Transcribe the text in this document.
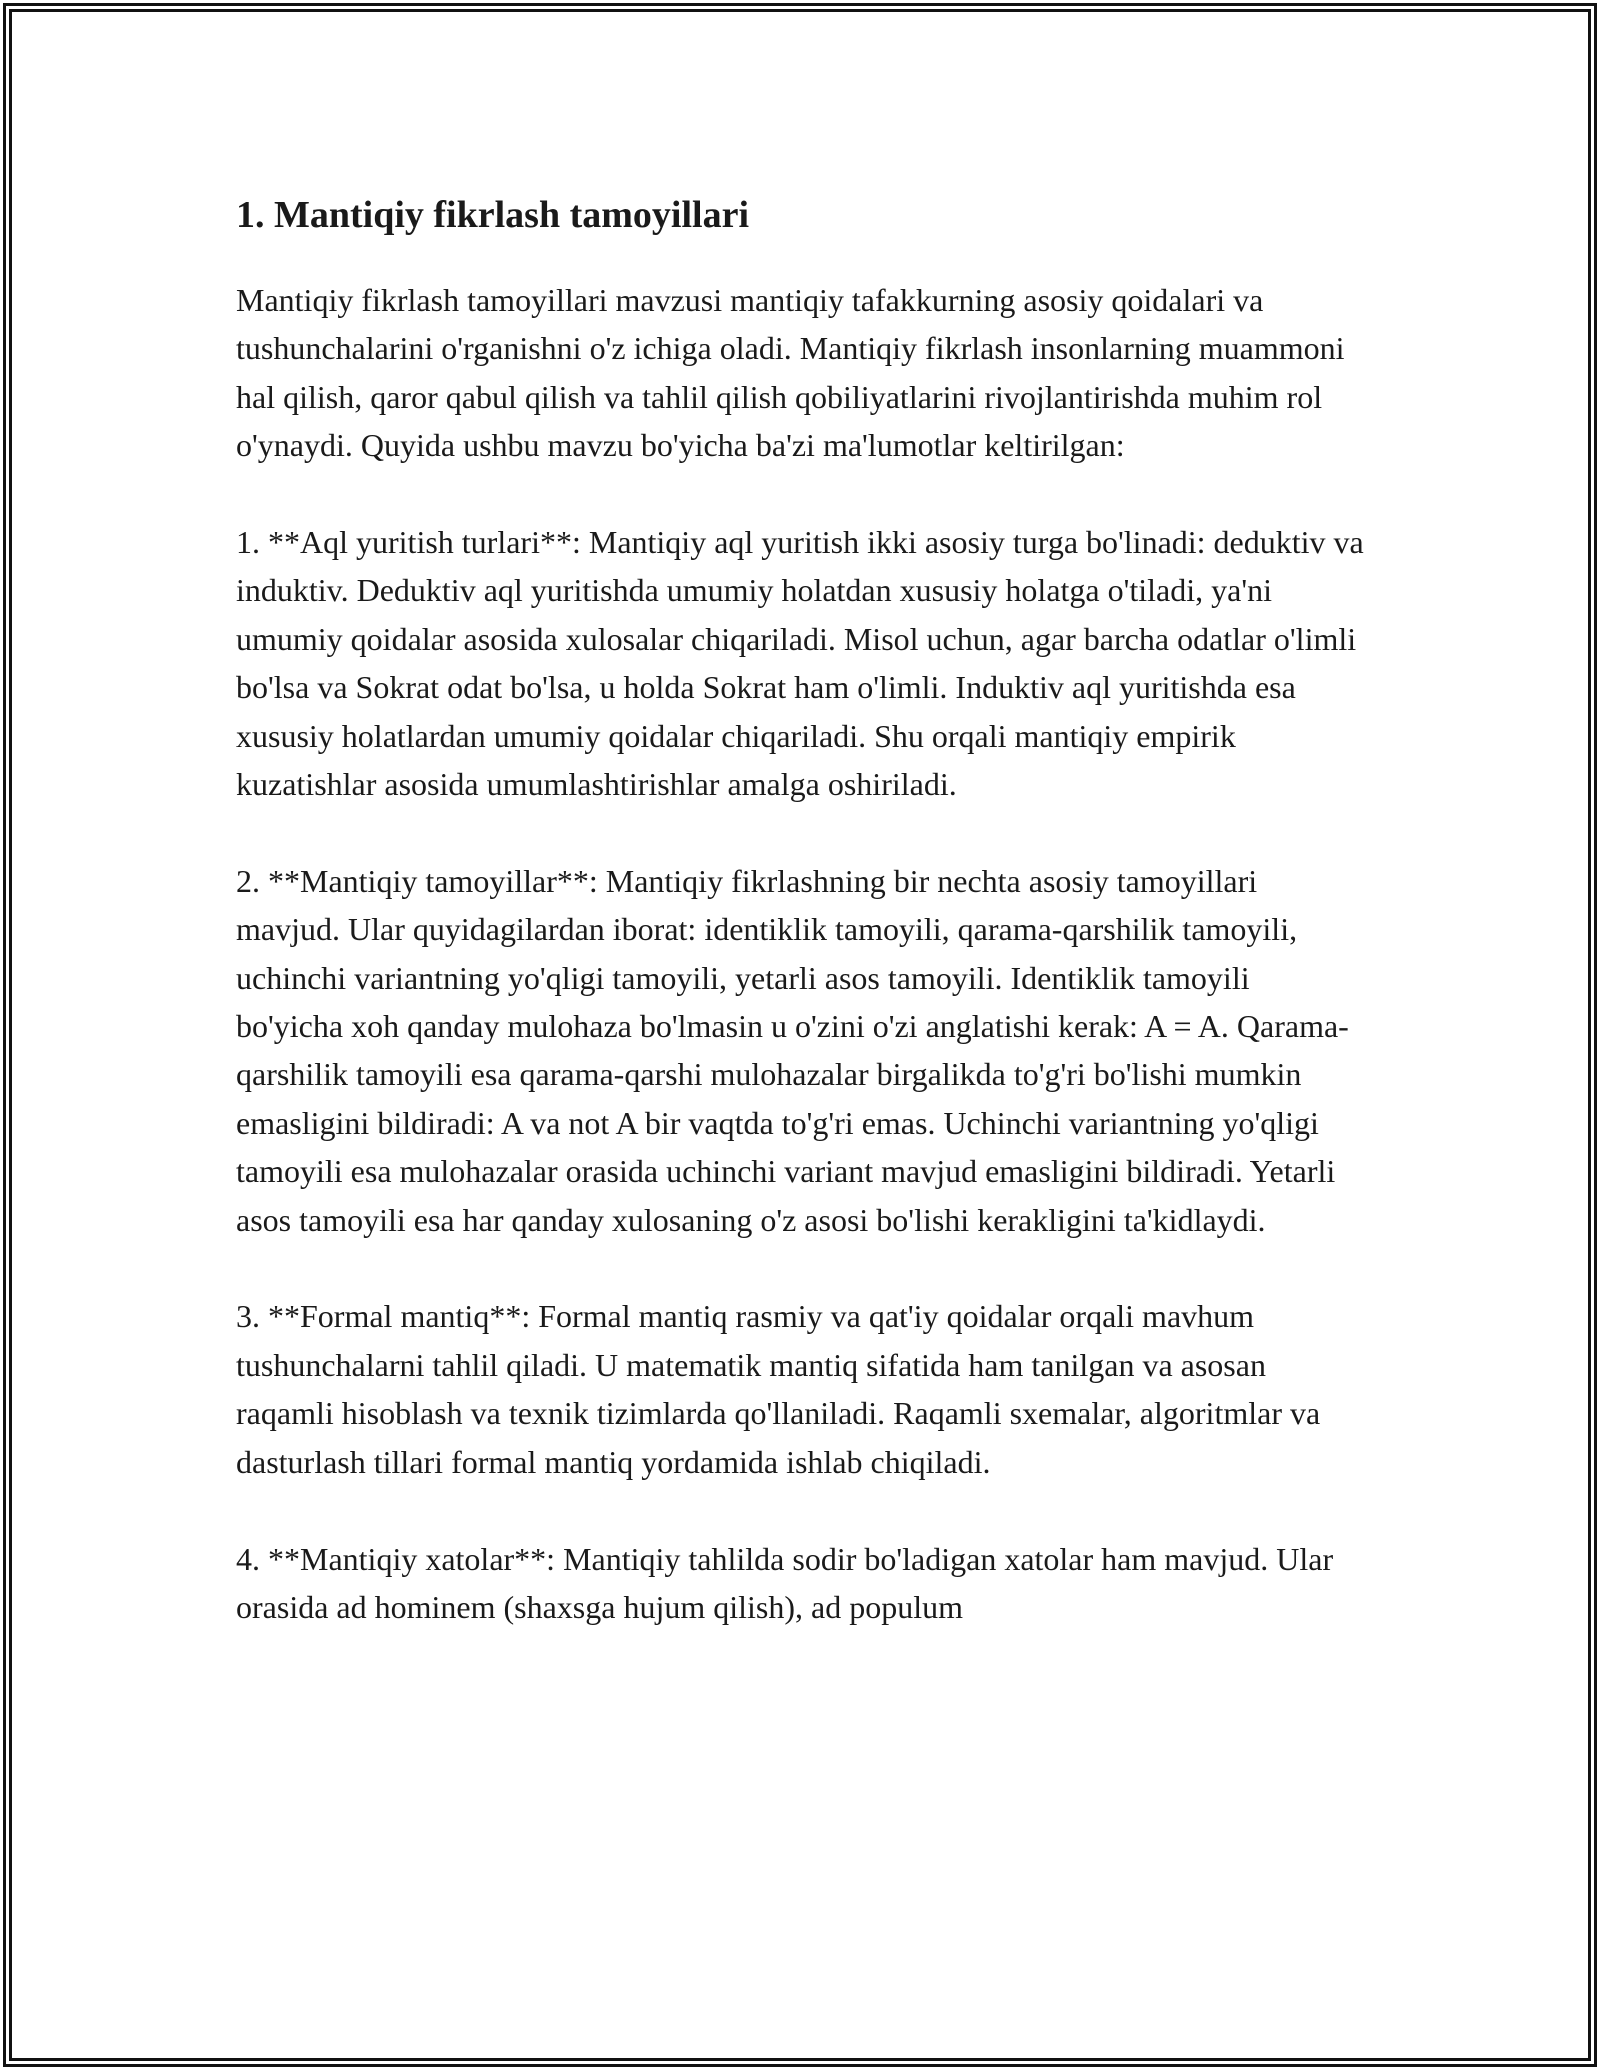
1. Mantiqiy fikrlash tamoyillari

Mantiqiy fikrlash tamoyillari mavzusi mantiqiy tafakkurning asosiy qoidalari va tushunchalarini o'rganishni o'z ichiga oladi. Mantiqiy fikrlash insonlarning muammoni hal qilish, qaror qabul qilish va tahlil qilish qobiliyatlarini rivojlantirishda muhim rol o'ynaydi. Quyida ushbu mavzu bo'yicha ba'zi ma'lumotlar keltirilgan:

1. **Aql yuritish turlari**: Mantiqiy aql yuritish ikki asosiy turga bo'linadi: deduktiv va induktiv. Deduktiv aql yuritishda umumiy holatdan xususiy holatga o'tiladi, ya'ni umumiy qoidalar asosida xulosalar chiqariladi. Misol uchun, agar barcha odatlar o'limli bo'lsa va Sokrat odat bo'lsa, u holda Sokrat ham o'limli. Induktiv aql yuritishda esa xususiy holatlardan umumiy qoidalar chiqariladi. Shu orqali mantiqiy empirik kuzatishlar asosida umumlashtirishlar amalga oshiriladi.

2. **Mantiqiy tamoyillar**: Mantiqiy fikrlashning bir nechta asosiy tamoyillari mavjud. Ular quyidagilardan iborat: identiklik tamoyili, qarama-qarshilik tamoyili, uchinchi variantning yo'qligi tamoyili, yetarli asos tamoyili. Identiklik tamoyili bo'yicha xoh qanday mulohaza bo'lmasin u o'zini o'zi anglatishi kerak: A = A. Qarama-qarshilik tamoyili esa qarama-qarshi mulohazalar birgalikda to'g'ri bo'lishi mumkin emasligini bildiradi: A va not A bir vaqtda to'g'ri emas. Uchinchi variantning yo'qligi tamoyili esa mulohazalar orasida uchinchi variant mavjud emasligini bildiradi. Yetarli asos tamoyili esa har qanday xulosaning o'z asosi bo'lishi kerakligini ta'kidlaydi.

3. **Formal mantiq**: Formal mantiq rasmiy va qat'iy qoidalar orqali mavhum tushunchalarni tahlil qiladi. U matematik mantiq sifatida ham tanilgan va asosan raqamli hisoblash va texnik tizimlarda qo'llaniladi. Raqamli sxemalar, algoritmlar va dasturlash tillari formal mantiq yordamida ishlab chiqiladi.

4. **Mantiqiy xatolar**: Mantiqiy tahlilda sodir bo'ladigan xatolar ham mavjud. Ular orasida ad hominem (shaxsga hujum qilish), ad populum
